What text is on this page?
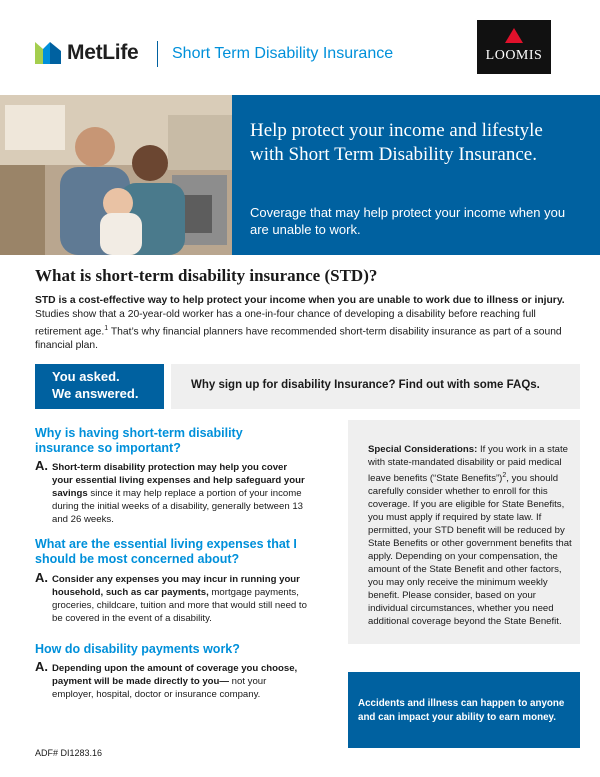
MetLife Short Term Disability Insurance	LOOMIS
Help protect your income and lifestyle with Short Term Disability Insurance.
Coverage that may help protect your income when you are unable to work.
What is short-term disability insurance (STD)?
STD is a cost-effective way to help protect your income when you are unable to work due to illness or injury. Studies show that a 20-year-old worker has a one-in-four chance of developing a disability before reaching full retirement age.$^1$ That’s why financial planners have recommended short-term disability insurance as part of a sound financial plan.
You asked.
We answered.
Why sign up for disability Insurance? Find out with some FAQs.
Why is having short-term disability insurance so important?
A. Short-term disability protection may help you cover your essential living expenses and help safeguard your savings since it may help replace a portion of your income during the initial weeks of a disability, generally between 13 and 26 weeks.
What are the essential living expenses that I should be most concerned about?
A. Consider any expenses you may incur in running your household, such as car payments, mortgage payments, groceries, childcare, tuition and more that would still need to be covered in the event of a disability.
How do disability payments work?
A. Depending upon the amount of coverage you choose, payment will be made directly to you— not your employer, hospital, doctor or insurance company.
Special Considerations: If you work in a state with state-mandated disability or paid medical leave benefits (“State Benefits”)$^2$, you should carefully consider whether to enroll for this coverage. If you are eligible for State Benefits, you must apply if required by state law. If permitted, your STD benefit will be reduced by State Benefits or other government benefits that apply. Depending on your compensation, the amount of the State Benefit and other factors, you may only receive the minimum weekly benefit. Please consider, based on your individual circumstances, whether you need additional coverage beyond the State Benefit.
Accidents and illness can happen to anyone and can impact your ability to earn money.
ADF# DI1283.16
